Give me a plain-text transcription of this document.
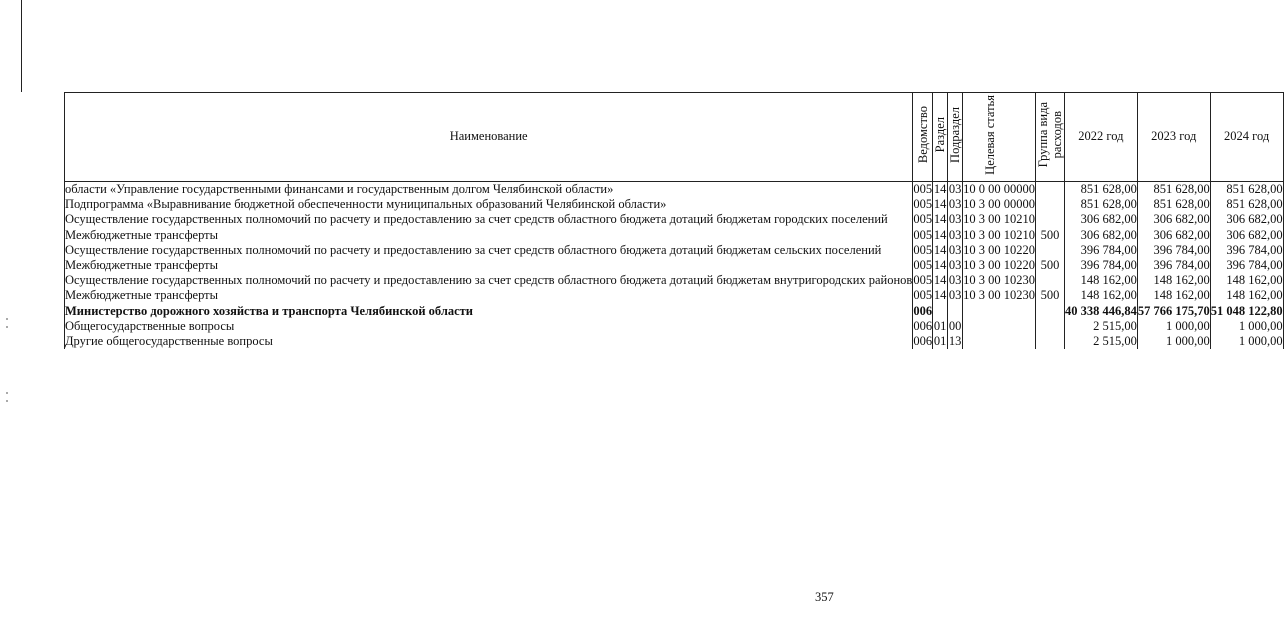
Наименование	Ведомство	Раздел	Подраздел	Целевая статья	Группа вида
расходов	2022 год	2023 год	2024 год
области «Управление государственными финансами и государственным долгом Челябинской области»	005	14	03	10 0 00 00000		851 628,00	851 628,00	851 628,00
Подпрограмма «Выравнивание бюджетной обеспеченности муниципальных образований Челябинской области»	005	14	03	10 3 00 00000		851 628,00	851 628,00	851 628,00
Осуществление государственных полномочий по расчету и предоставлению за счет средств областного бюджета дотаций бюджетам городских поселений	005	14	03	10 3 00 10210		306 682,00	306 682,00	306 682,00
Межбюджетные трансферты	005	14	03	10 3 00 10210	500	306 682,00	306 682,00	306 682,00
Осуществление государственных полномочий по расчету и предоставлению за счет средств областного бюджета дотаций бюджетам сельских поселений	005	14	03	10 3 00 10220		396 784,00	396 784,00	396 784,00
Межбюджетные трансферты	005	14	03	10 3 00 10220	500	396 784,00	396 784,00	396 784,00
Осуществление государственных полномочий по расчету и предоставлению за счет средств областного бюджета дотаций бюджетам внутригородских районов	005	14	03	10 3 00 10230		148 162,00	148 162,00	148 162,00
Межбюджетные трансферты	005	14	03	10 3 00 10230	500	148 162,00	148 162,00	148 162,00
Министерство дорожного хозяйства и транспорта Челябинской области	006					40 338 446,84	57 766 175,70	51 048 122,80
Общегосударственные вопросы	006	01	00			2 515,00	1 000,00	1 000,00
Другие общегосударственные вопросы	006	01	13			2 515,00	1 000,00	1 000,00
357
